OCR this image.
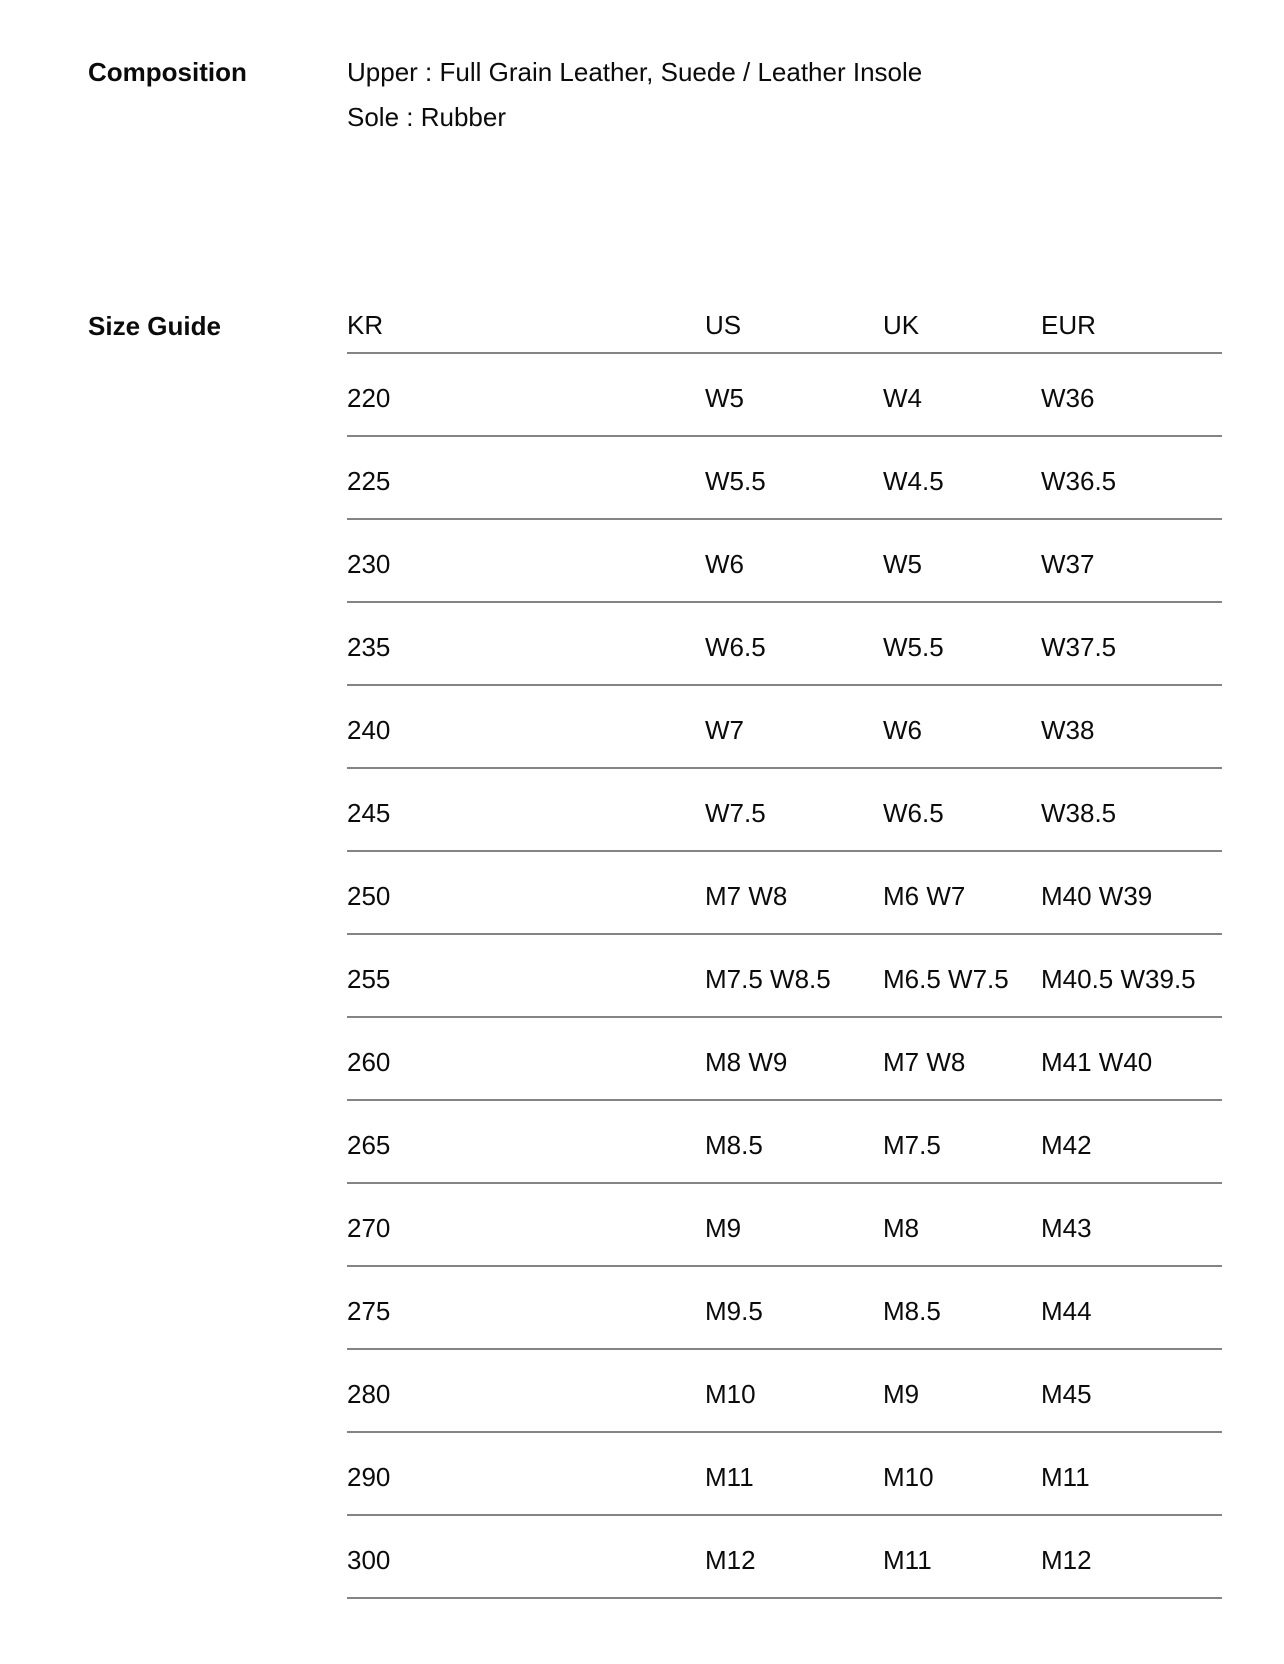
Composition	Upper : Full Grain Leather, Suede / Leather Insole
Sole : Rubber
Size Guide	KR	US	UK	EUR
220	W5	W4	W36
225	W5.5	W4.5	W36.5
230	W6	W5	W37
235	W6.5	W5.5	W37.5
240	W7	W6	W38
245	W7.5	W6.5	W38.5
250	M7 W8	M6 W7	M40 W39
255	M7.5 W8.5	M6.5 W7.5	M40.5 W39.5
260	M8 W9	M7 W8	M41 W40
265	M8.5	M7.5	M42
270	M9	M8	M43
275	M9.5	M8.5	M44
280	M10	M9	M45
290	M11	M10	M11
300	M12	M11	M12
